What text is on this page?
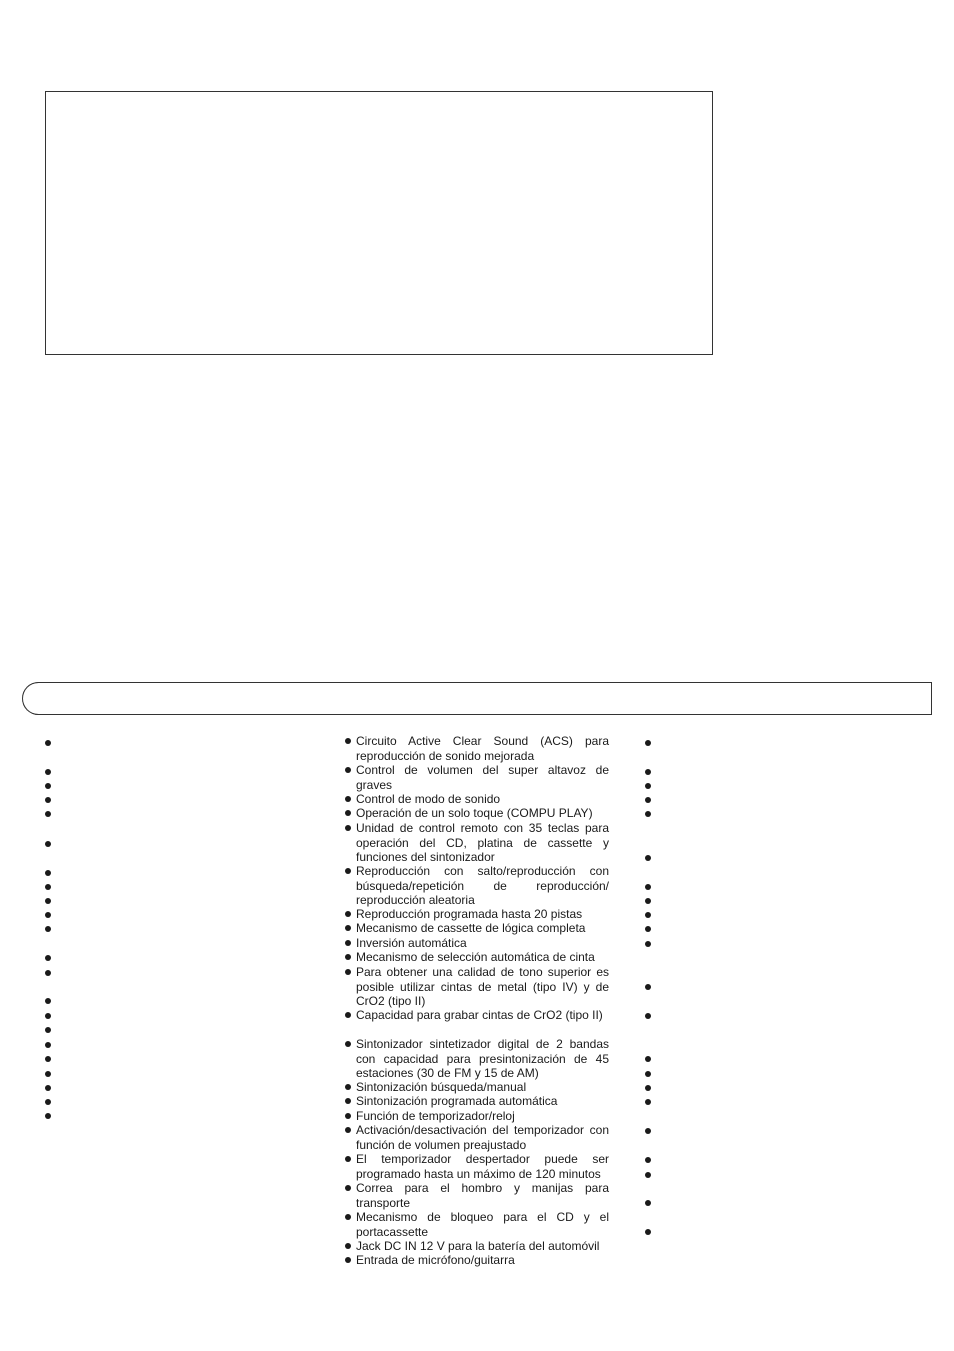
Circuito Active Clear Sound (ACS) para reproducción de sonido mejorada
Control de volumen del super altavoz de graves
Control de modo de sonido
Operación de un solo toque (COMPU PLAY)
Unidad de control remoto con 35 teclas para operación del CD, platina de cassette y funciones del sintonizador
Reproducción con salto/reproducción con búsqueda/repetición de reproducción/ reproducción aleatoria
Reproducción programada hasta 20 pistas
Mecanismo de cassette de lógica completa
Inversión automática
Mecanismo de selección automática de cinta
Para obtener una calidad de tono superior es posible utilizar cintas de metal (tipo IV) y de CrO2 (tipo II)
Capacidad para grabar cintas de CrO2 (tipo II)
Sintonizador sintetizador digital de 2 bandas con capacidad para presintonización de 45 estaciones (30 de FM y 15 de AM)
Sintonización búsqueda/manual
Sintonización programada automática
Función de temporizador/reloj
Activación/desactivación del temporizador con función de volumen preajustado
El temporizador despertador puede ser programado hasta un máximo de 120 minutos
Correa para el hombro y manijas para transporte
Mecanismo de bloqueo para el CD y el portacassette
Jack DC IN 12 V para la batería del automóvil
Entrada de micrófono/guitarra
